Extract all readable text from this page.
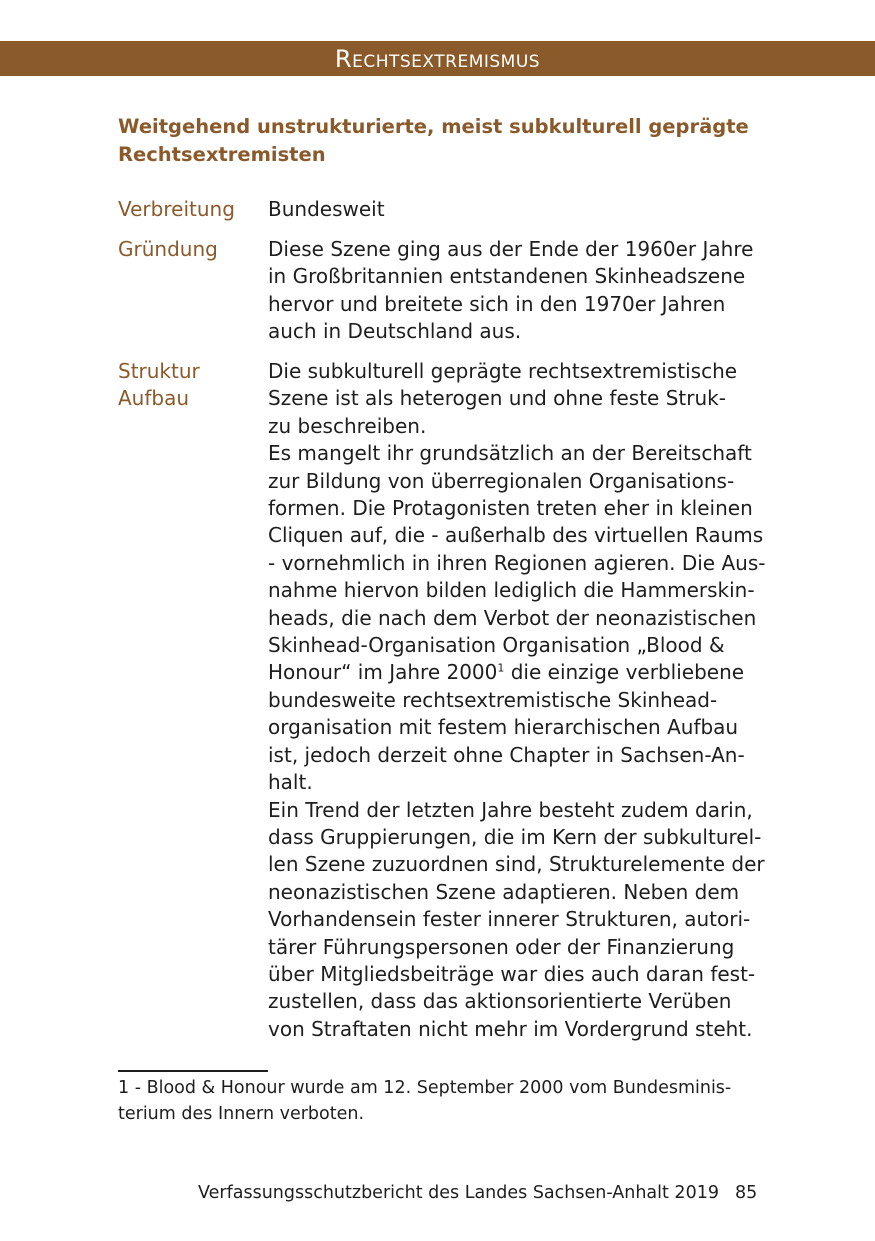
Rechtsextremismus
Weitgehend unstrukturierte, meist subkulturell geprägte
Rechtsextremisten
Verbreitung	Bundesweit
Gründung	Diese Szene ging aus der Ende der 1960er Jahre
in Großbritannien entstandenen Skinheadszene
hervor und breitete sich in den 1970er Jahren
auch in Deutschland aus.
Struktur
Aufbau
Die subkulturell geprägte rechtsextremistische
Szene ist als heterogen und ohne feste Struk-
zu beschreiben.
Es mangelt ihr grundsätzlich an der Bereitschaft
zur Bildung von überregionalen Organisations-
formen. Die Protagonisten treten eher in kleinen
Cliquen auf, die - außerhalb des virtuellen Raums
- vornehmlich in ihren Regionen agieren. Die Aus-
nahme hiervon bilden lediglich die Hammerskin-
heads, die nach dem Verbot der neonazistischen
Skinhead-Organisation Organisation „Blood &
Honour“ im Jahre 2000$^1$ die einzige verbliebene
bundesweite rechtsextremistische Skinhead-
organisation mit festem hierarchischen Aufbau
ist, jedoch derzeit ohne Chapter in Sachsen-An-
halt.
Ein Trend der letzten Jahre besteht zudem darin,
dass Gruppierungen, die im Kern der subkulturel-
len Szene zuzuordnen sind, Strukturelemente der
neonazistischen Szene adaptieren. Neben dem
Vorhandensein fester innerer Strukturen, autori-
tärer Führungspersonen oder der Finanzierung
über Mitgliedsbeiträge war dies auch daran fest-
zustellen, dass das aktionsorientierte Verüben
von Straftaten nicht mehr im Vordergrund steht.
1 - Blood & Honour wurde am 12. September 2000 vom Bundesminis-
terium des Innern verboten.
Verfassungsschutzbericht des Landes Sachsen-Anhalt 2019 85
